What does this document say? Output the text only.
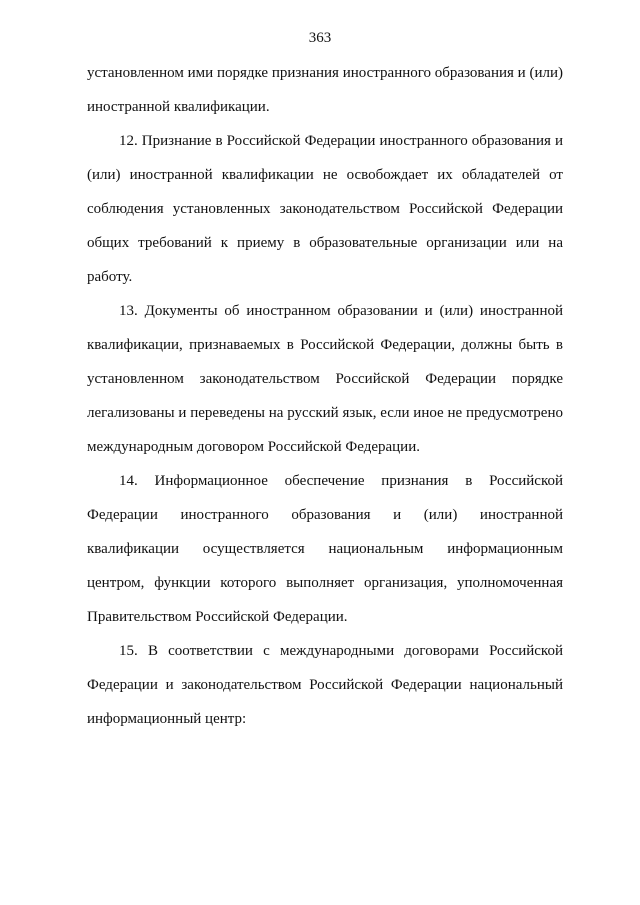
363

установленном ими порядке признания иностранного образования и (или) иностранной квалификации.

12. Признание в Российской Федерации иностранного образования и (или) иностранной квалификации не освобождает их обладателей от соблюдения установленных законодательством Российской Федерации общих требований к приему в образовательные организации или на работу.

13. Документы об иностранном образовании и (или) иностранной квалификации, признаваемых в Российской Федерации, должны быть в установленном законодательством Российской Федерации порядке легализованы и переведены на русский язык, если иное не предусмотрено международным договором Российской Федерации.

14. Информационное обеспечение признания в Российской Федерации иностранного образования и (или) иностранной квалификации осуществляется национальным информационным центром, функции которого выполняет организация, уполномоченная Правительством Российской Федерации.

15. В соответствии с международными договорами Российской Федерации и законодательством Российской Федерации национальный информационный центр:
